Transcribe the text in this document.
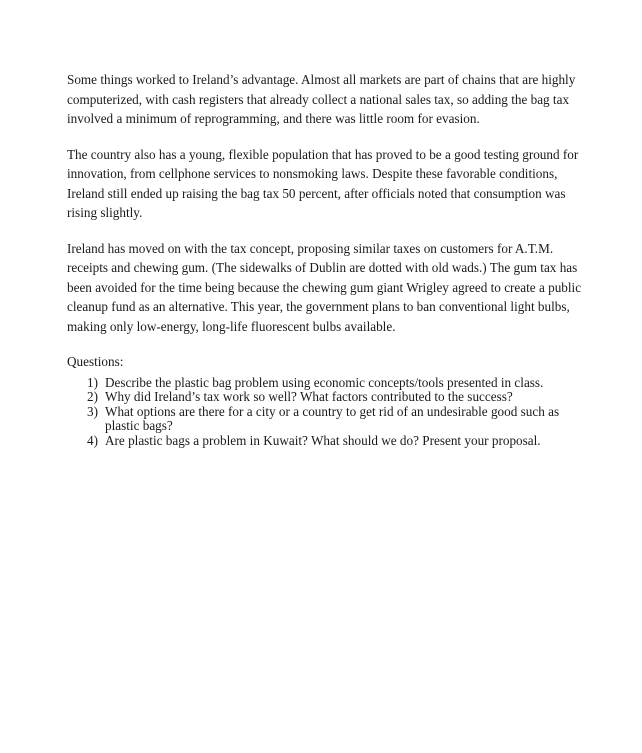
Some things worked to Ireland’s advantage. Almost all markets are part of chains that are highly computerized, with cash registers that already collect a national sales tax, so adding the bag tax involved a minimum of reprogramming, and there was little room for evasion.

The country also has a young, flexible population that has proved to be a good testing ground for innovation, from cellphone services to nonsmoking laws. Despite these favorable conditions, Ireland still ended up raising the bag tax 50 percent, after officials noted that consumption was rising slightly.

Ireland has moved on with the tax concept, proposing similar taxes on customers for A.T.M. receipts and chewing gum. (The sidewalks of Dublin are dotted with old wads.) The gum tax has been avoided for the time being because the chewing gum giant Wrigley agreed to create a public cleanup fund as an alternative. This year, the government plans to ban conventional light bulbs, making only low-energy, long-life fluorescent bulbs available.

Questions:

1) Describe the plastic bag problem using economic concepts/tools presented in class.
2) Why did Ireland’s tax work so well? What factors contributed to the success?
3) What options are there for a city or a country to get rid of an undesirable good such as plastic bags?
4) Are plastic bags a problem in Kuwait? What should we do? Present your proposal.
